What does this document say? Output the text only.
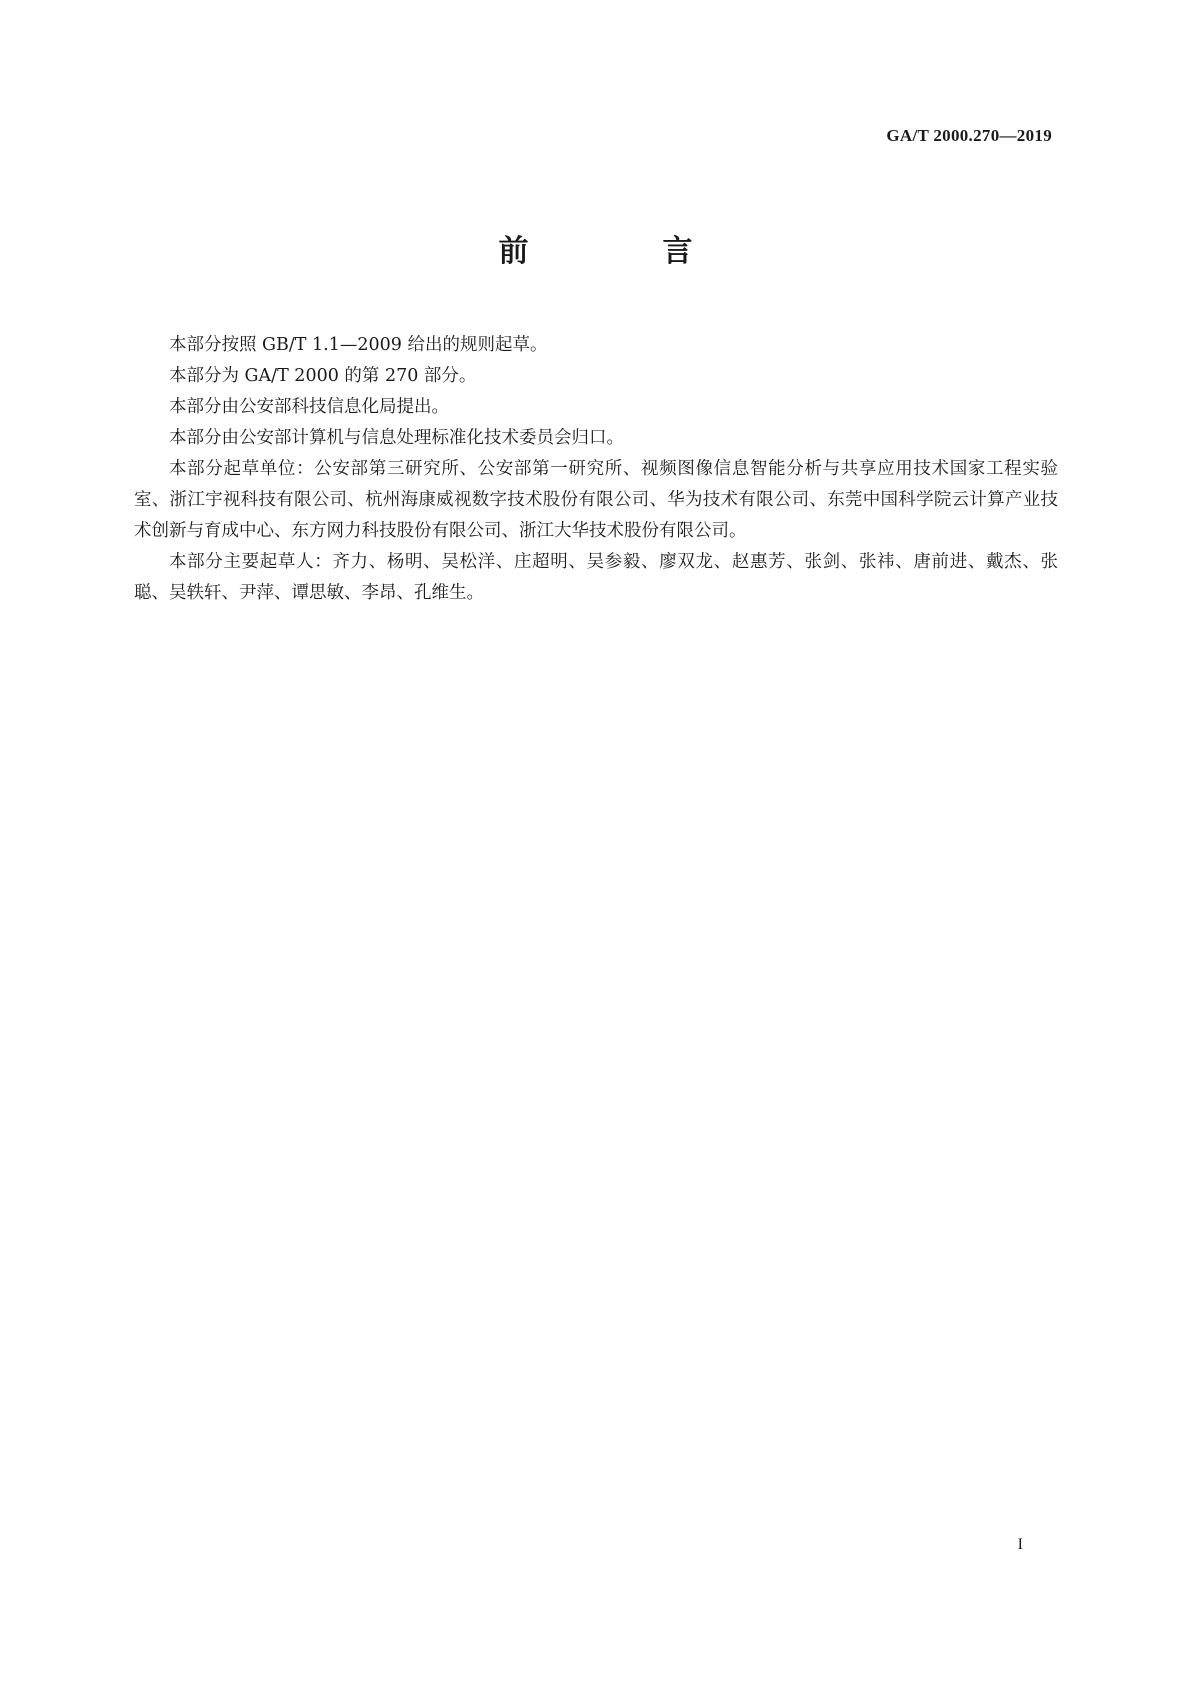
GA/T 2000.270—2019
前　言

本部分按照 GB/T 1.1—2009 给出的规则起草。

本部分为 GA/T 2000 的第 270 部分。

本部分由公安部科技信息化局提出。

本部分由公安部计算机与信息处理标准化技术委员会归口。

本部分起草单位：公安部第三研究所、公安部第一研究所、视频图像信息智能分析与共享应用技术国家工程实验室、浙江宇视科技有限公司、杭州海康威视数字技术股份有限公司、华为技术有限公司、东莞中国科学院云计算产业技术创新与育成中心、东方网力科技股份有限公司、浙江大华技术股份有限公司。

本部分主要起草人：齐力、杨明、吴松洋、庄超明、吴参毅、廖双龙、赵惠芳、张剑、张祎、唐前进、戴杰、张聪、吴轶轩、尹萍、谭思敏、李昂、孔维生。

I
